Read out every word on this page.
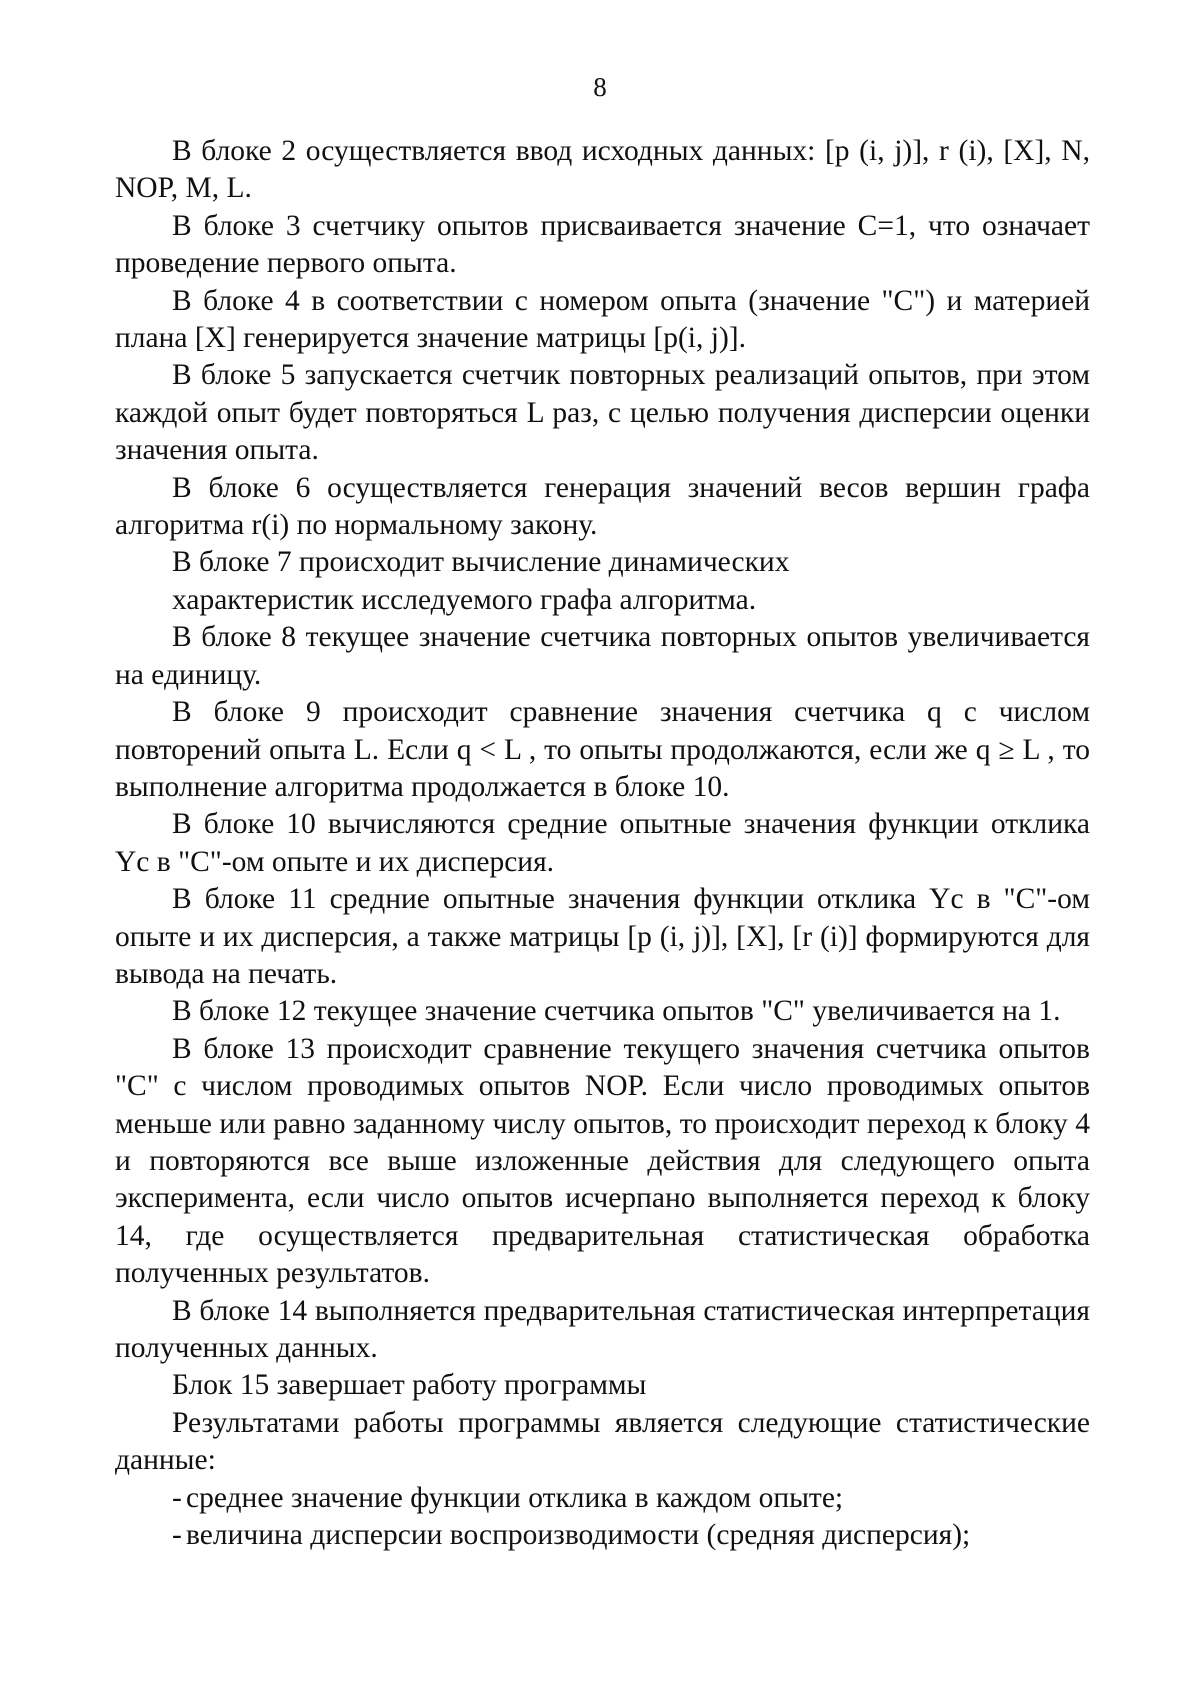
8

В блоке 2 осуществляется ввод исходных данных: [p (i, j)], r (i), [X], N, NOP, M, L.

В блоке 3 счетчику опытов присваивается значение C=1, что означает проведение первого опыта.

В блоке 4 в соответствии с номером опыта (значение "С") и материей плана [X] генерируется значение матрицы [p(i, j)].

В блоке 5 запускается счетчик повторных реализаций опытов, при этом каждой опыт будет повторяться L раз, с целью получения дисперсии оценки значения опыта.

В блоке 6 осуществляется генерация значений весов вершин графа алгоритма r(i) по нормальному закону.

В блоке 7 происходит вычисление динамических

характеристик исследуемого графа алгоритма.

В блоке 8 текущее значение счетчика повторных опытов увеличивается на единицу.

В блоке 9 происходит сравнение значения счетчика q с числом повторений опыта L. Если q < L , то опыты продолжаются, если же q ≥ L , то выполнение алгоритма продолжается в блоке 10.

В блоке 10 вычисляются средние опытные значения функции отклика Yc в "С"-ом опыте и их дисперсия.

В блоке 11 средние опытные значения функции отклика Yc в "С"-ом опыте и их дисперсия, а также матрицы [p (i, j)], [X], [r (i)] формируются для вывода на печать.

В блоке 12 текущее значение счетчика опытов "С" увеличивается на 1.

В блоке 13 происходит сравнение текущего значения счетчика опытов "С" с числом проводимых опытов NOP. Если число проводимых опытов меньше или равно заданному числу опытов, то происходит переход к блоку 4 и повторяются все выше изложенные действия для следующего опыта эксперимента, если число опытов исчерпано выполняется переход к блоку 14, где осуществляется предварительная статистическая обработка полученных результатов.

В блоке 14 выполняется предварительная статистическая интерпретация полученных данных.

Блок 15 завершает работу программы

Результатами работы программы является следующие статистические данные:

- среднее значение функции отклика в каждом опыте;
- величина дисперсии воспроизводимости (средняя дисперсия);
